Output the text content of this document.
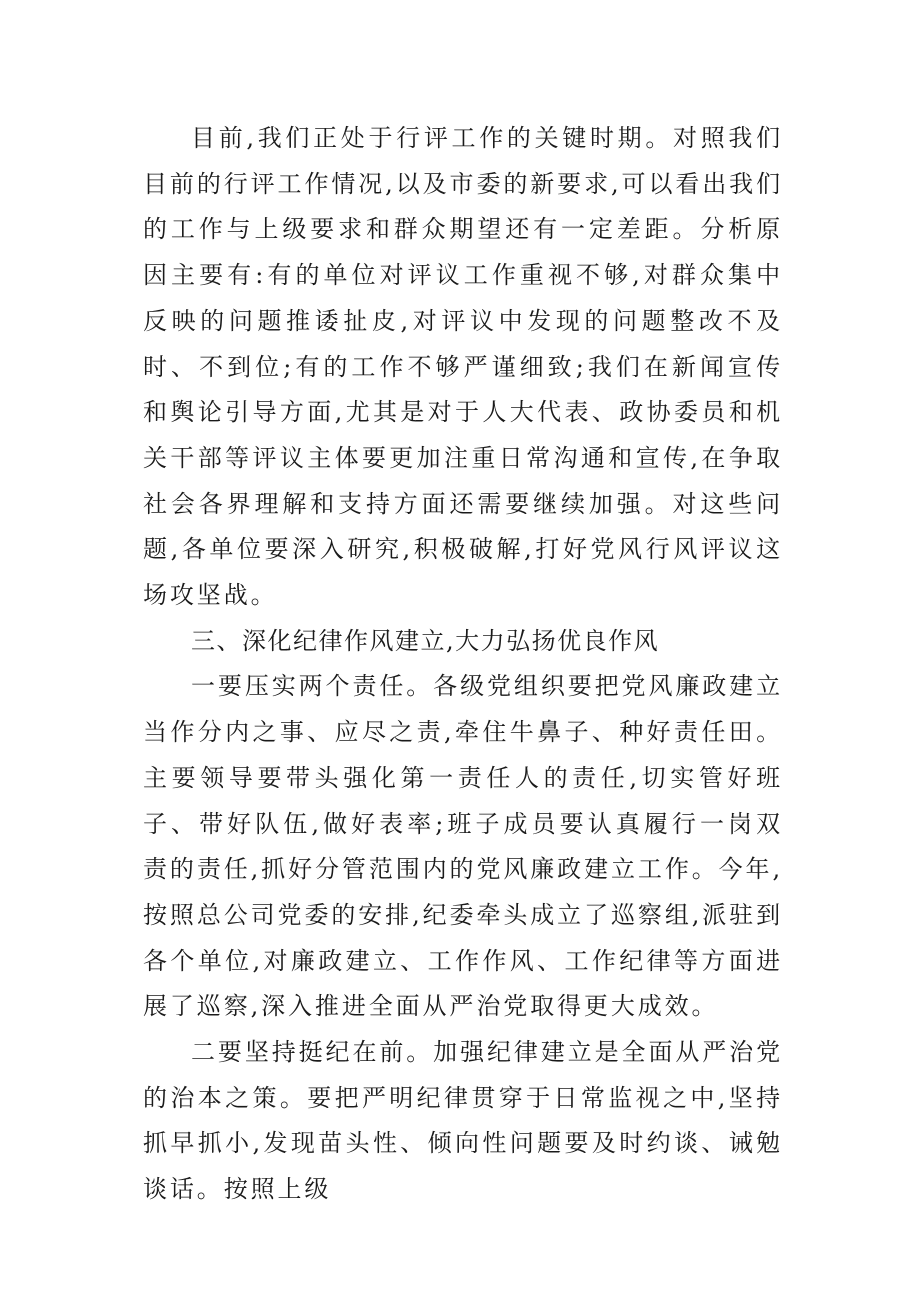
目前,我们正处于行评工作的关键时期。对照我们目前的行评工作情况,以及市委的新要求,可以看出我们的工作与上级要求和群众期望还有一定差距。分析原因主要有:有的单位对评议工作重视不够,对群众集中反映的问题推诿扯皮,对评议中发现的问题整改不及时、不到位;有的工作不够严谨细致;我们在新闻宣传和舆论引导方面,尤其是对于人大代表、政协委员和机关干部等评议主体要更加注重日常沟通和宣传,在争取社会各界理解和支持方面还需要继续加强。对这些问题,各单位要深入研究,积极破解,打好党风行风评议这场攻坚战。

三、深化纪律作风建立,大力弘扬优良作风

一要压实两个责任。各级党组织要把党风廉政建立当作分内之事、应尽之责,牵住牛鼻子、种好责任田。主要领导要带头强化第一责任人的责任,切实管好班子、带好队伍,做好表率;班子成员要认真履行一岗双责的责任,抓好分管范围内的党风廉政建立工作。今年,按照总公司党委的安排,纪委牵头成立了巡察组,派驻到各个单位,对廉政建立、工作作风、工作纪律等方面进展了巡察,深入推进全面从严治党取得更大成效。

二要坚持挺纪在前。加强纪律建立是全面从严治党的治本之策。要把严明纪律贯穿于日常监视之中,坚持抓早抓小,发现苗头性、倾向性问题要及时约谈、诫勉谈话。按照上级
